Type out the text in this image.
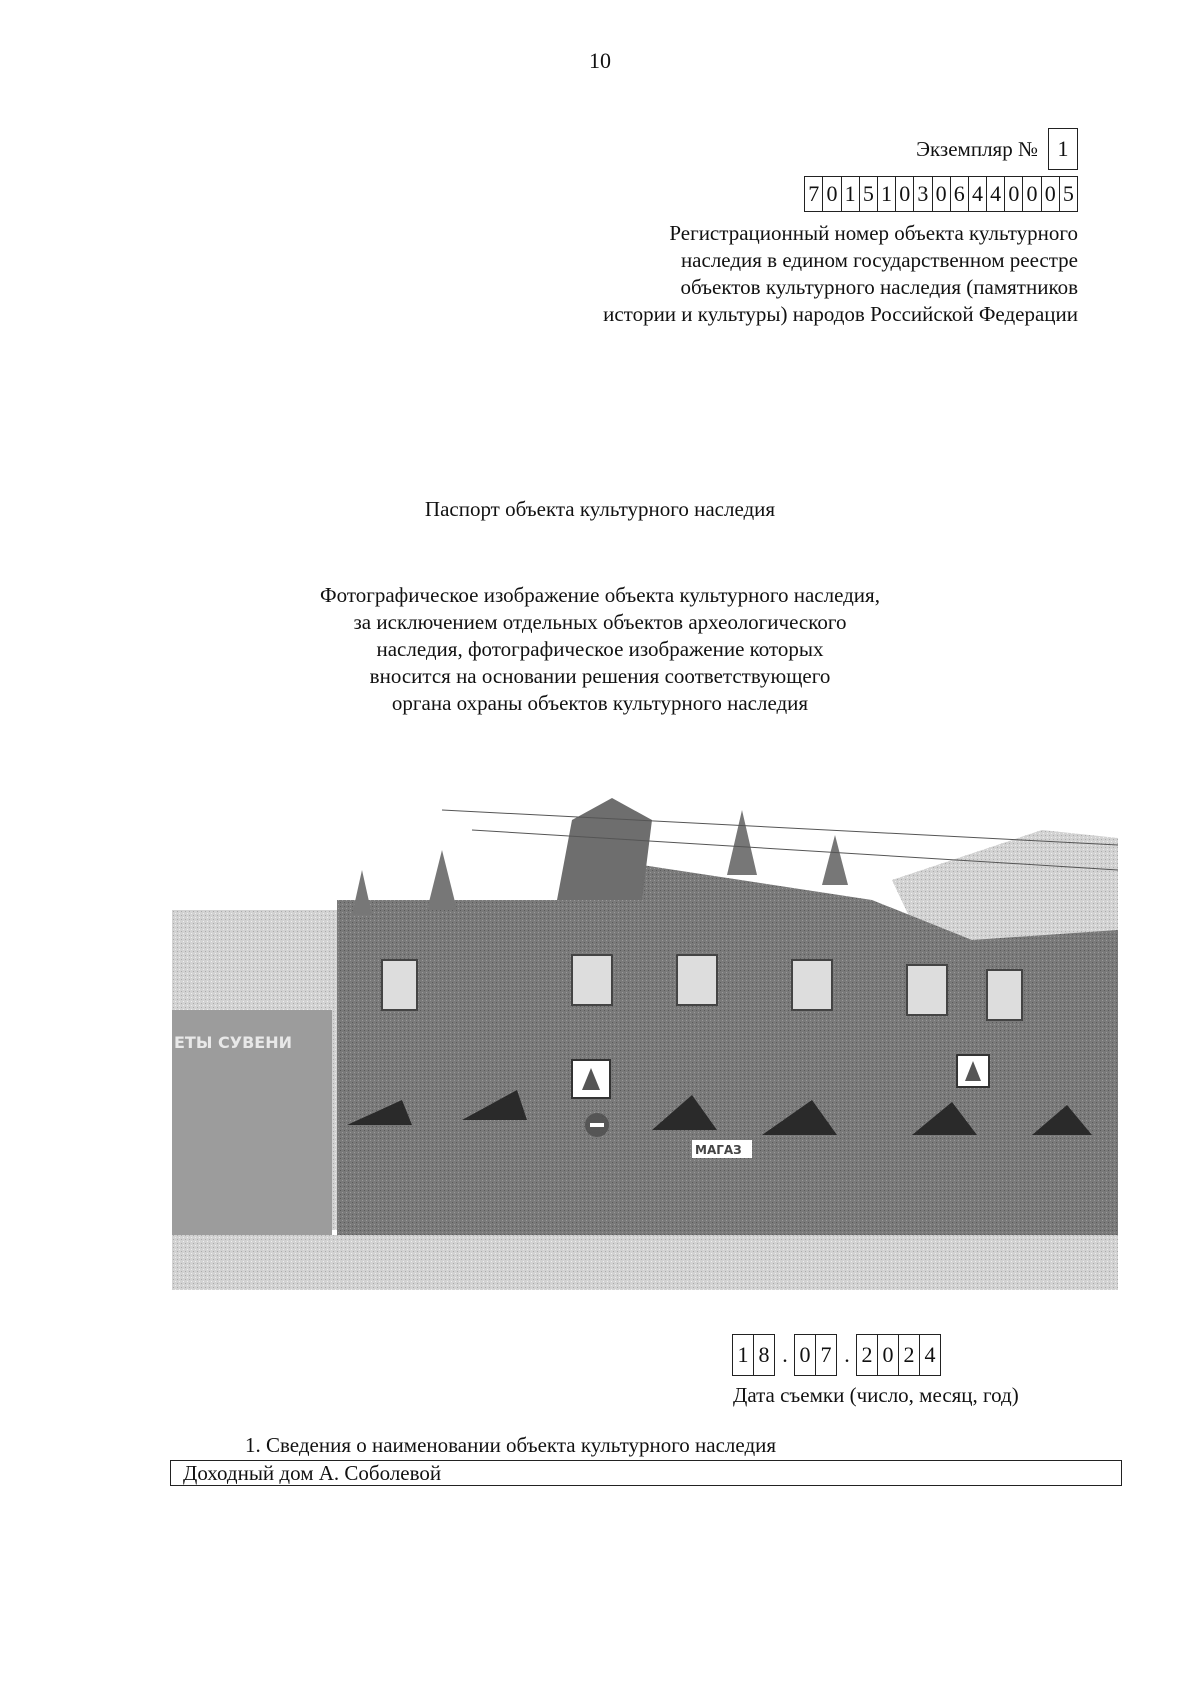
10
Экземпляр № 1
7 0 1 5 1 0 3 0 6 4 4 0 0 0 5
Регистрационный номер объекта культурного
наследия в едином государственном реестре
объектов культурного наследия (памятников
истории и культуры) народов Российской Федерации
Паспорт объекта культурного наследия
Фотографическое изображение объекта культурного наследия,
за исключением отдельных объектов археологического
наследия, фотографическое изображение которых
вносится на основании решения соответствующего
органа охраны объектов культурного наследия
ЕТЫ СУВЕНИ
МАГАЗ
1 8 . 0 7 . 2 0 2 4
Дата съемки (число, месяц, год)
1. Сведения о наименовании объекта культурного наследия
Доходный дом А. Соболевой
